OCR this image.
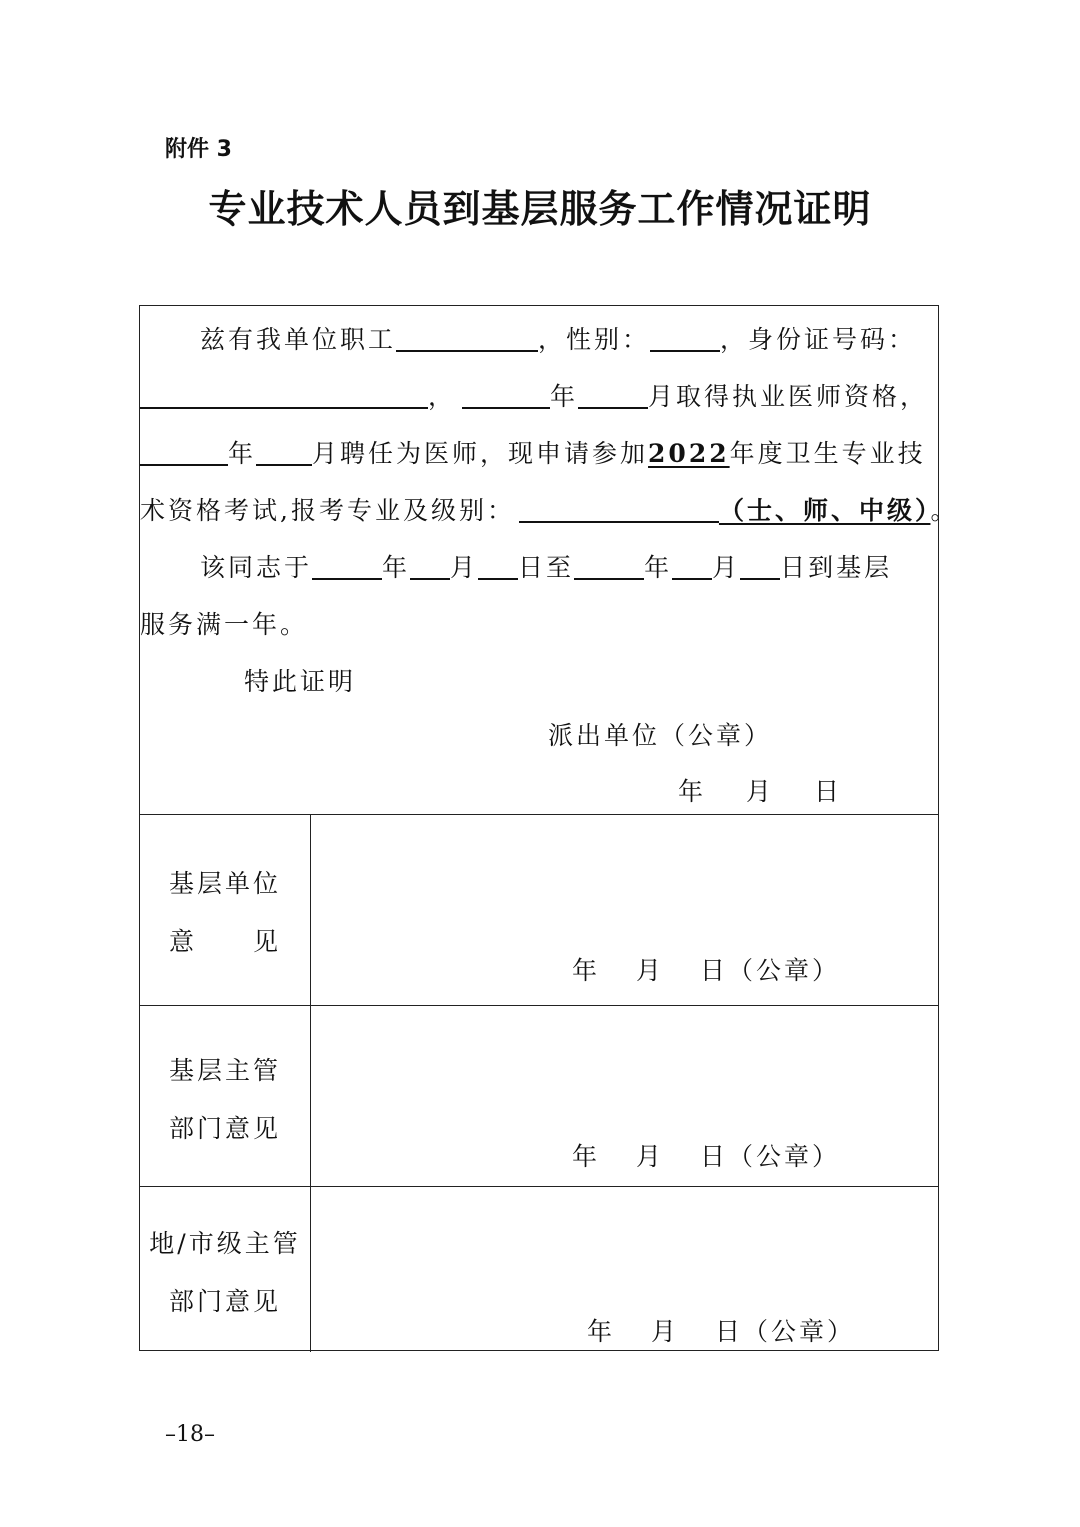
附件 3
专业技术人员到基层服务工作情况证明
兹有我单位职工	，性别：	，身份证号码：
，	年	月取得执业医师资格，
年 月聘任为医师，现申请参加2022年度卫生专业技
术资格考试,报考专业及级别：	（士、师、中级）。
该同志于	年 月 日至	年 月 日到基层
服务满一年。
特此证明
派出单位（公章）
年 月 日
基层单位
意　　见
年 月 日（公章）
基层主管
部门意见
年 月 日（公章）
地/市级主管
部门意见
年 月 日（公章）
–18–
